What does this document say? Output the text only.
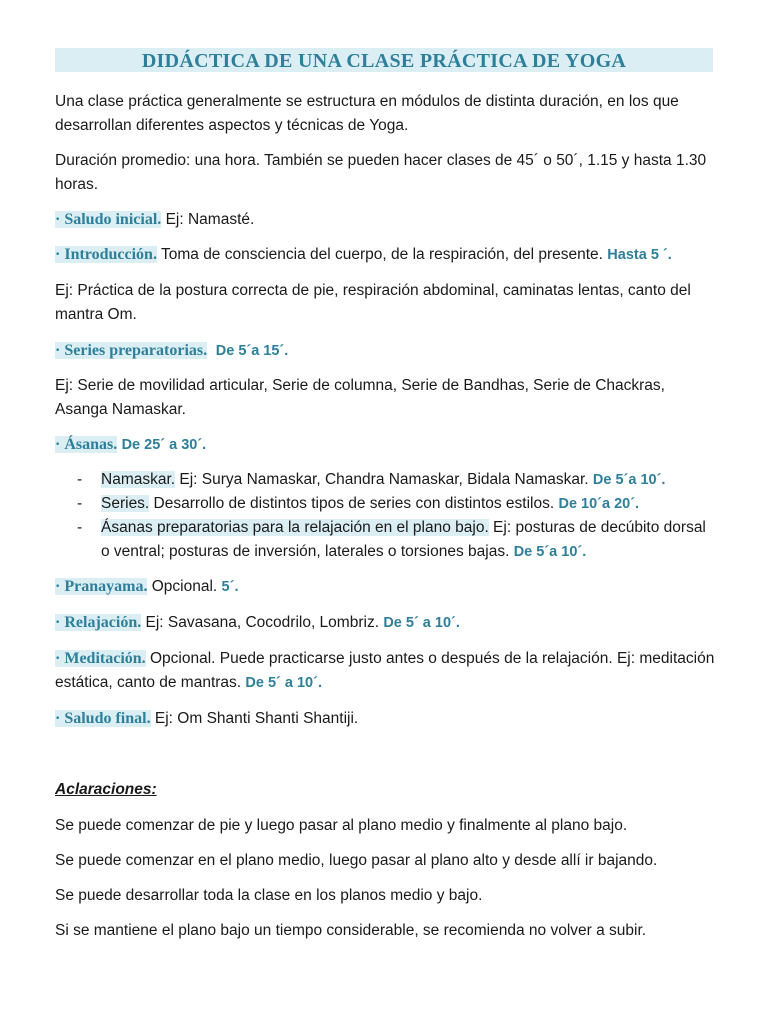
DIDÁCTICA DE UNA CLASE PRÁCTICA DE YOGA

Una clase práctica generalmente se estructura en módulos de distinta duración, en los que desarrollan diferentes aspectos y técnicas de Yoga.

Duración promedio: una hora. También se pueden hacer clases de 45´ o 50´, 1.15 y hasta 1.30 horas.

· Saludo inicial. Ej: Namasté.

· Introducción. Toma de consciencia del cuerpo, de la respiración, del presente. Hasta 5 ´.

Ej: Práctica de la postura correcta de pie, respiración abdominal, caminatas lentas, canto del mantra Om.

· Series preparatorias. De 5´a 15´.

Ej: Serie de movilidad articular, Serie de columna, Serie de Bandhas, Serie de Chackras, Asanga Namaskar.

· Ásanas. De 25´ a 30´.

- Namaskar. Ej: Surya Namaskar, Chandra Namaskar, Bidala Namaskar. De 5´a 10´.
- Series. Desarrollo de distintos tipos de series con distintos estilos. De 10´a 20´.
- Ásanas preparatorias para la relajación en el plano bajo. Ej: posturas de decúbito dorsal o ventral; posturas de inversión, laterales o torsiones bajas. De 5´a 10´.

· Pranayama. Opcional. 5´.

· Relajación. Ej: Savasana, Cocodrilo, Lombriz. De 5´ a 10´.

· Meditación. Opcional. Puede practicarse justo antes o después de la relajación. Ej: meditación estática, canto de mantras. De 5´ a 10´.

· Saludo final. Ej: Om Shanti Shanti Shantiji.

Aclaraciones:

Se puede comenzar de pie y luego pasar al plano medio y finalmente al plano bajo.

Se puede comenzar en el plano medio, luego pasar al plano alto y desde allí ir bajando.

Se puede desarrollar toda la clase en los planos medio y bajo.

Si se mantiene el plano bajo un tiempo considerable, se recomienda no volver a subir.
